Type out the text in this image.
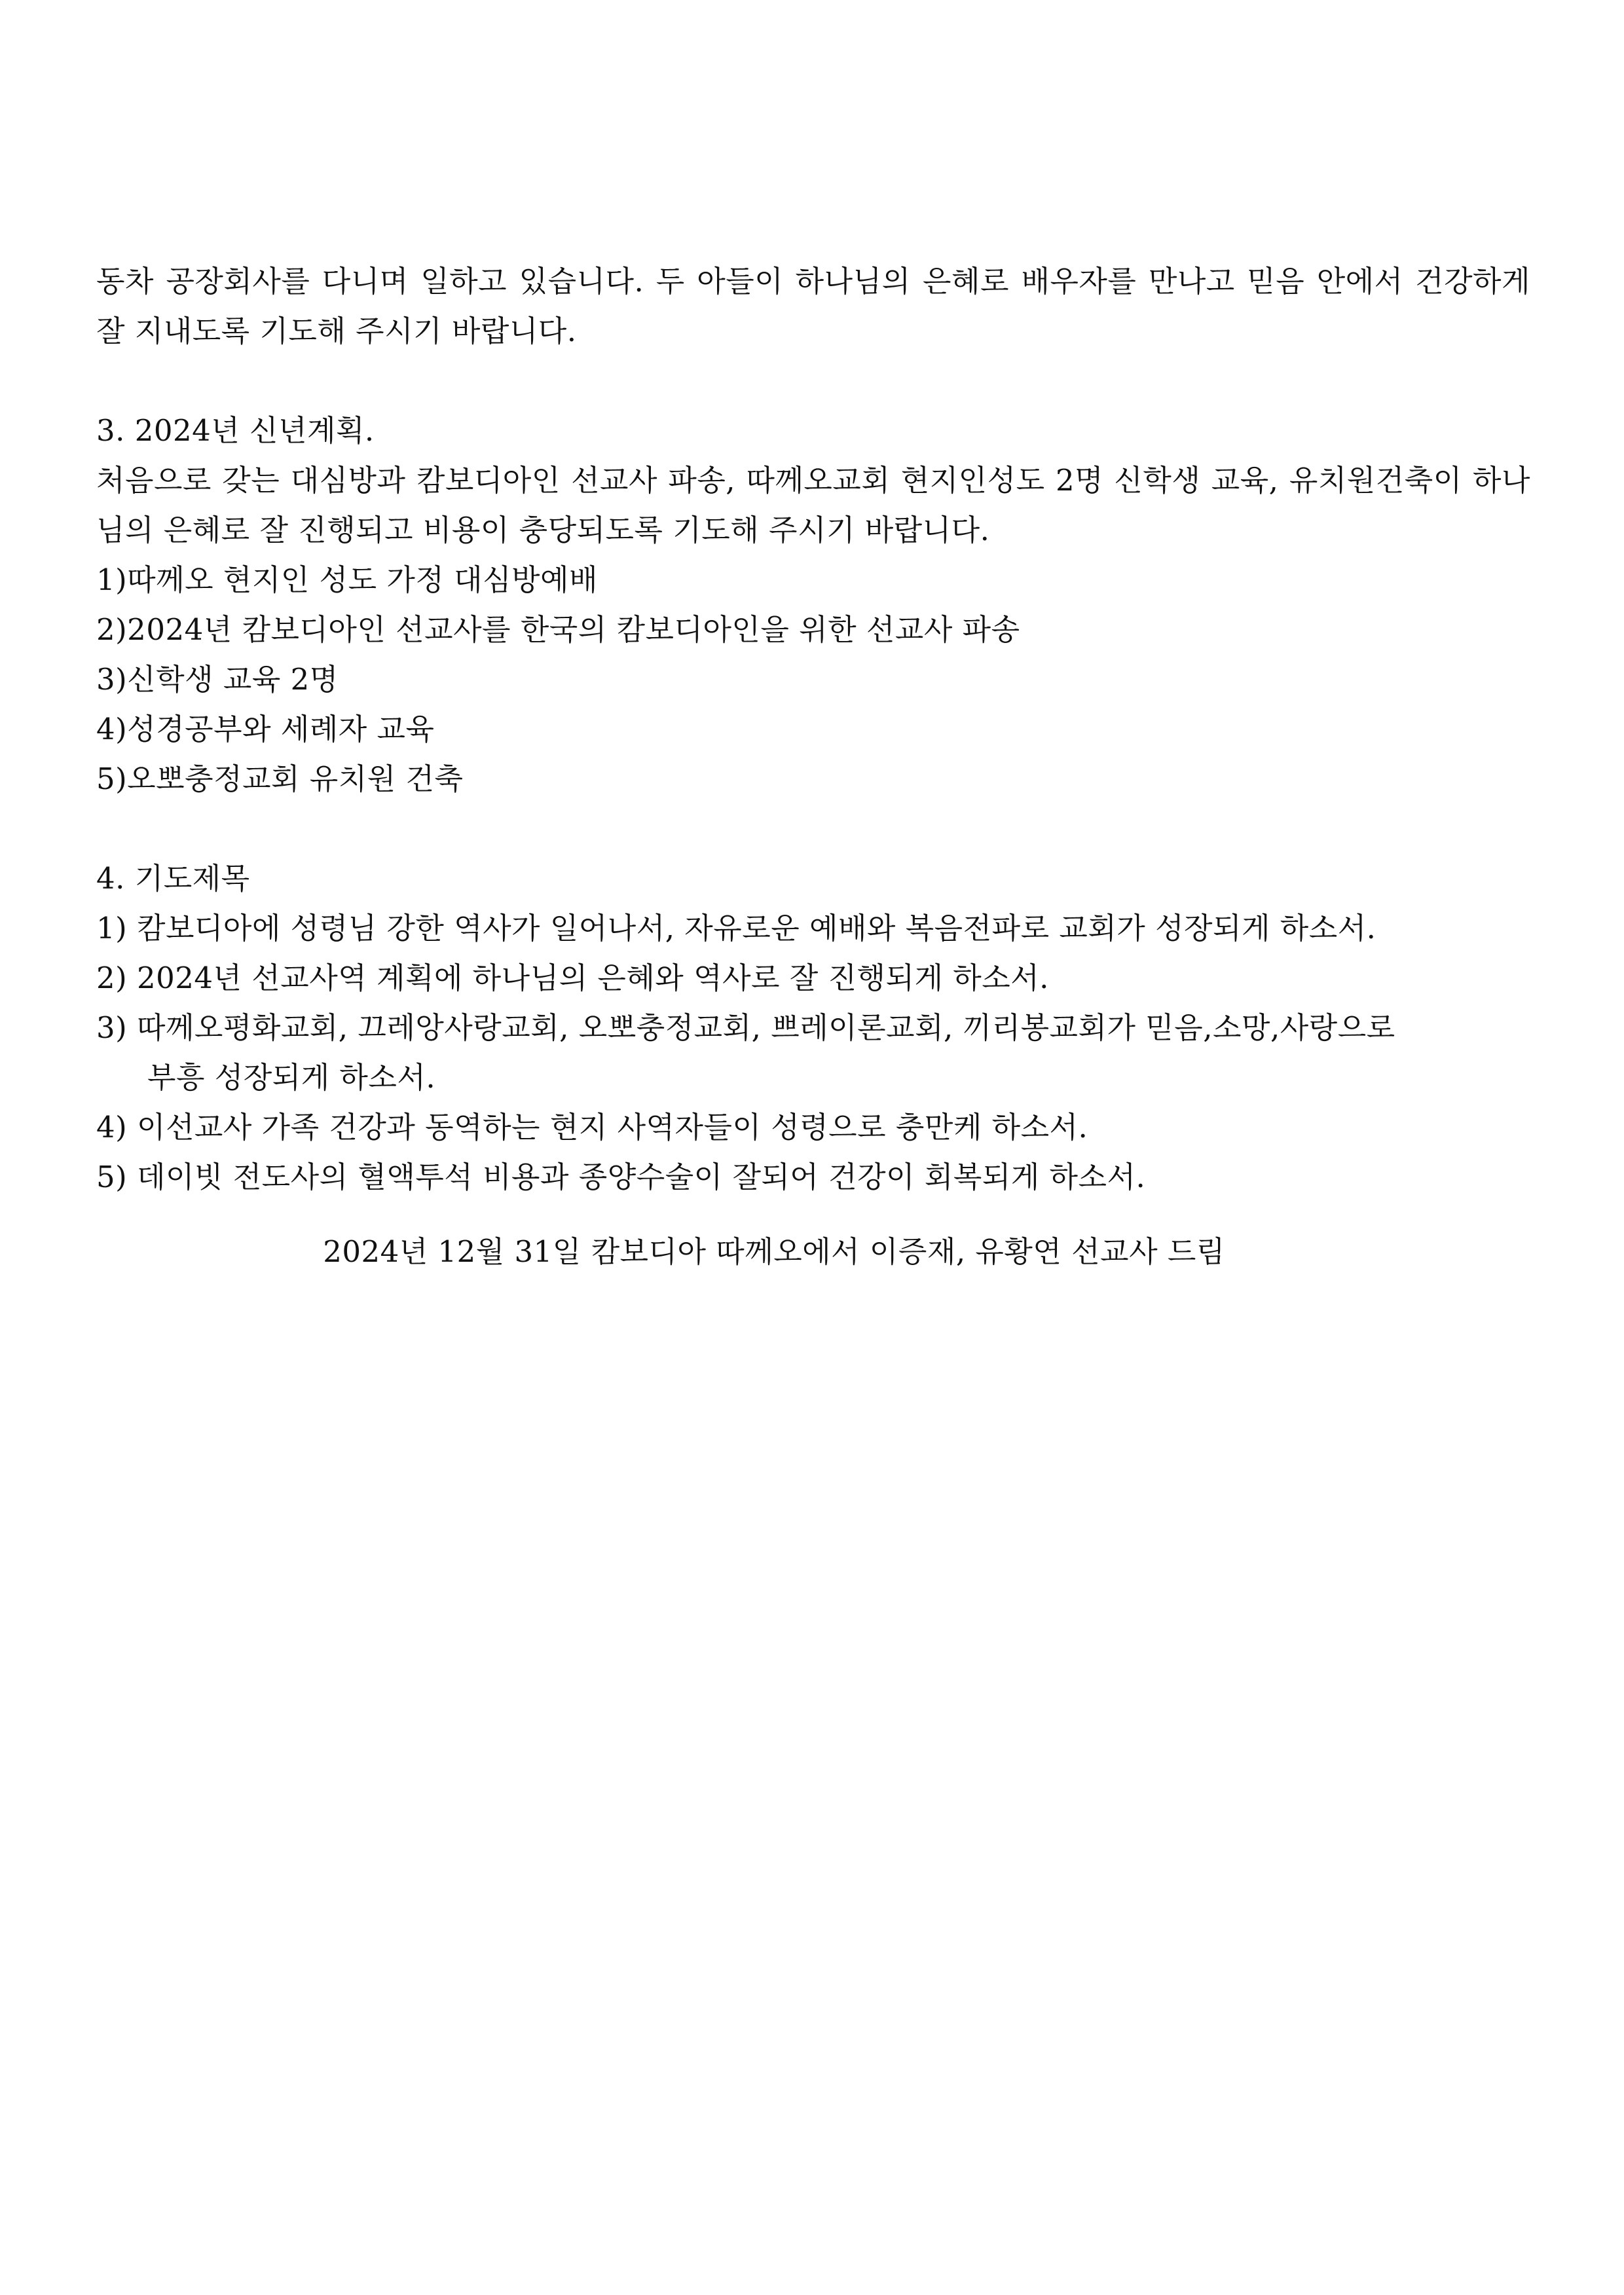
동차 공장회사를 다니며 일하고 있습니다. 두 아들이 하나님의 은혜로 배우자를 만나고 믿음 안에서 건강하게 잘 지내도록 기도해 주시기 바랍니다.

3. 2024년 신년계획.

처음으로 갖는 대심방과 캄보디아인 선교사 파송, 따께오교회 현지인성도 2명 신학생 교육, 유치원건축이 하나님의 은혜로 잘 진행되고 비용이 충당되도록 기도해 주시기 바랍니다.

1)따께오 현지인 성도 가정 대심방예배

2)2024년 캄보디아인 선교사를 한국의 캄보디아인을 위한 선교사 파송

3)신학생 교육 2명

4)성경공부와 세례자 교육

5)오뽀충정교회 유치원 건축

4. 기도제목

1) 캄보디아에 성령님 강한 역사가 일어나서, 자유로운 예배와 복음전파로 교회가 성장되게 하소서.
2) 2024년 선교사역 계획에 하나님의 은혜와 역사로 잘 진행되게 하소서.
3) 따께오평화교회, 끄레앙사랑교회, 오뽀충정교회, 쁘레이론교회, 끼리봉교회가 믿음,소망,사랑으로
부흥 성장되게 하소서.
4) 이선교사 가족 건강과 동역하는 현지 사역자들이 성령으로 충만케 하소서.
5) 데이빗 전도사의 혈액투석 비용과 종양수술이 잘되어 건강이 회복되게 하소서.

2024년 12월 31일 캄보디아 따께오에서 이증재, 유황연 선교사 드림
